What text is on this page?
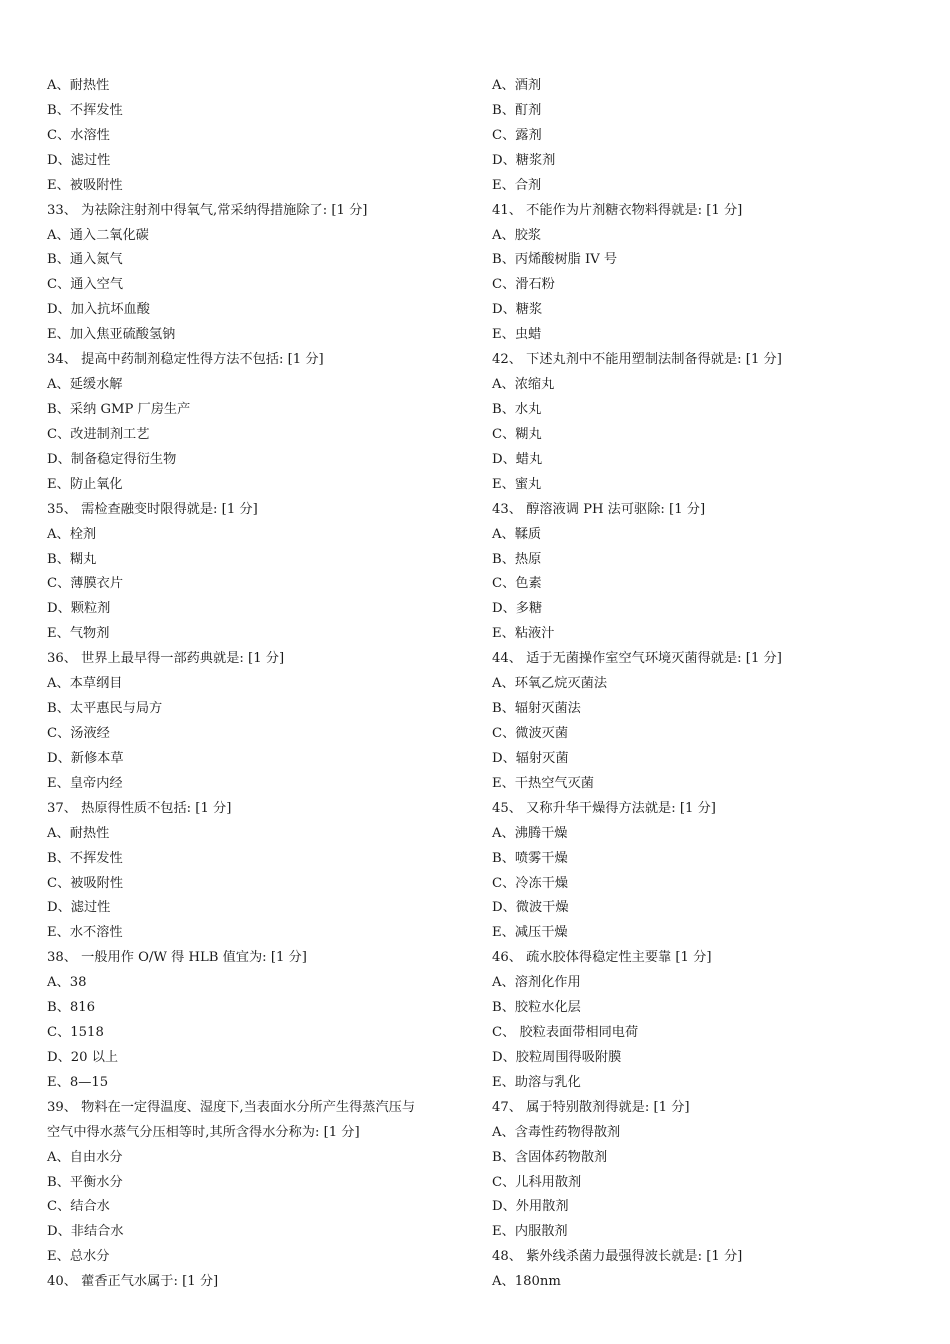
A、耐热性
B、不挥发性
C、水溶性
D、滤过性
E、被吸附性
33、 为祛除注射剂中得氧气,常采纳得措施除了: [1 分]
A、通入二氧化碳
B、通入氮气
C、通入空气
D、加入抗坏血酸
E、加入焦亚硫酸氢钠
34、 提高中药制剂稳定性得方法不包括: [1 分]
A、延缓水解
B、采纳 GMP 厂房生产
C、改进制剂工艺
D、制备稳定得衍生物
E、防止氧化
35、 需检查融变时限得就是: [1 分]
A、栓剂
B、糊丸
C、薄膜衣片
D、颗粒剂
E、气物剂
36、 世界上最早得一部药典就是: [1 分]
A、本草纲目
B、太平惠民与局方
C、汤液经
D、新修本草
E、皇帝内经
37、 热原得性质不包括: [1 分]
A、耐热性
B、不挥发性
C、被吸附性
D、滤过性
E、水不溶性
38、 一般用作 O/W 得 HLB 值宜为: [1 分]
A、38
B、816
C、1518
D、20 以上
E、8—15
39、 物料在一定得温度、湿度下,当表面水分所产生得蒸汽压与
空气中得水蒸气分压相等时,其所含得水分称为: [1 分]
A、自由水分
B、平衡水分
C、结合水
D、非结合水
E、总水分
40、 藿香正气水属于: [1 分]
A、酒剂
B、酊剂
C、露剂
D、糖浆剂
E、合剂
41、 不能作为片剂糖衣物料得就是: [1 分]
A、胶浆
B、丙烯酸树脂 IV 号
C、滑石粉
D、糖浆
E、虫蜡
42、 下述丸剂中不能用塑制法制备得就是: [1 分]
A、浓缩丸
B、水丸
C、糊丸
D、蜡丸
E、蜜丸
43、 醇溶液调 PH 法可驱除: [1 分]
A、鞣质
B、热原
C、色素
D、多糖
E、粘液汁
44、 适于无菌操作室空气环境灭菌得就是: [1 分]
A、环氧乙烷灭菌法
B、辐射灭菌法
C、微波灭菌
D、辐射灭菌
E、干热空气灭菌
45、 又称升华干燥得方法就是: [1 分]
A、沸腾干燥
B、喷雾干燥
C、冷冻干燥
D、微波干燥
E、减压干燥
46、 疏水胶体得稳定性主要靠 [1 分]
A、溶剂化作用
B、胶粒水化层
C、 胶粒表面带相同电荷
D、胶粒周围得吸附膜
E、助溶与乳化
47、 属于特别散剂得就是: [1 分]
A、含毒性药物得散剂
B、含固体药物散剂
C、儿科用散剂
D、外用散剂
E、内服散剂
48、 紫外线杀菌力最强得波长就是: [1 分]
A、180nm
